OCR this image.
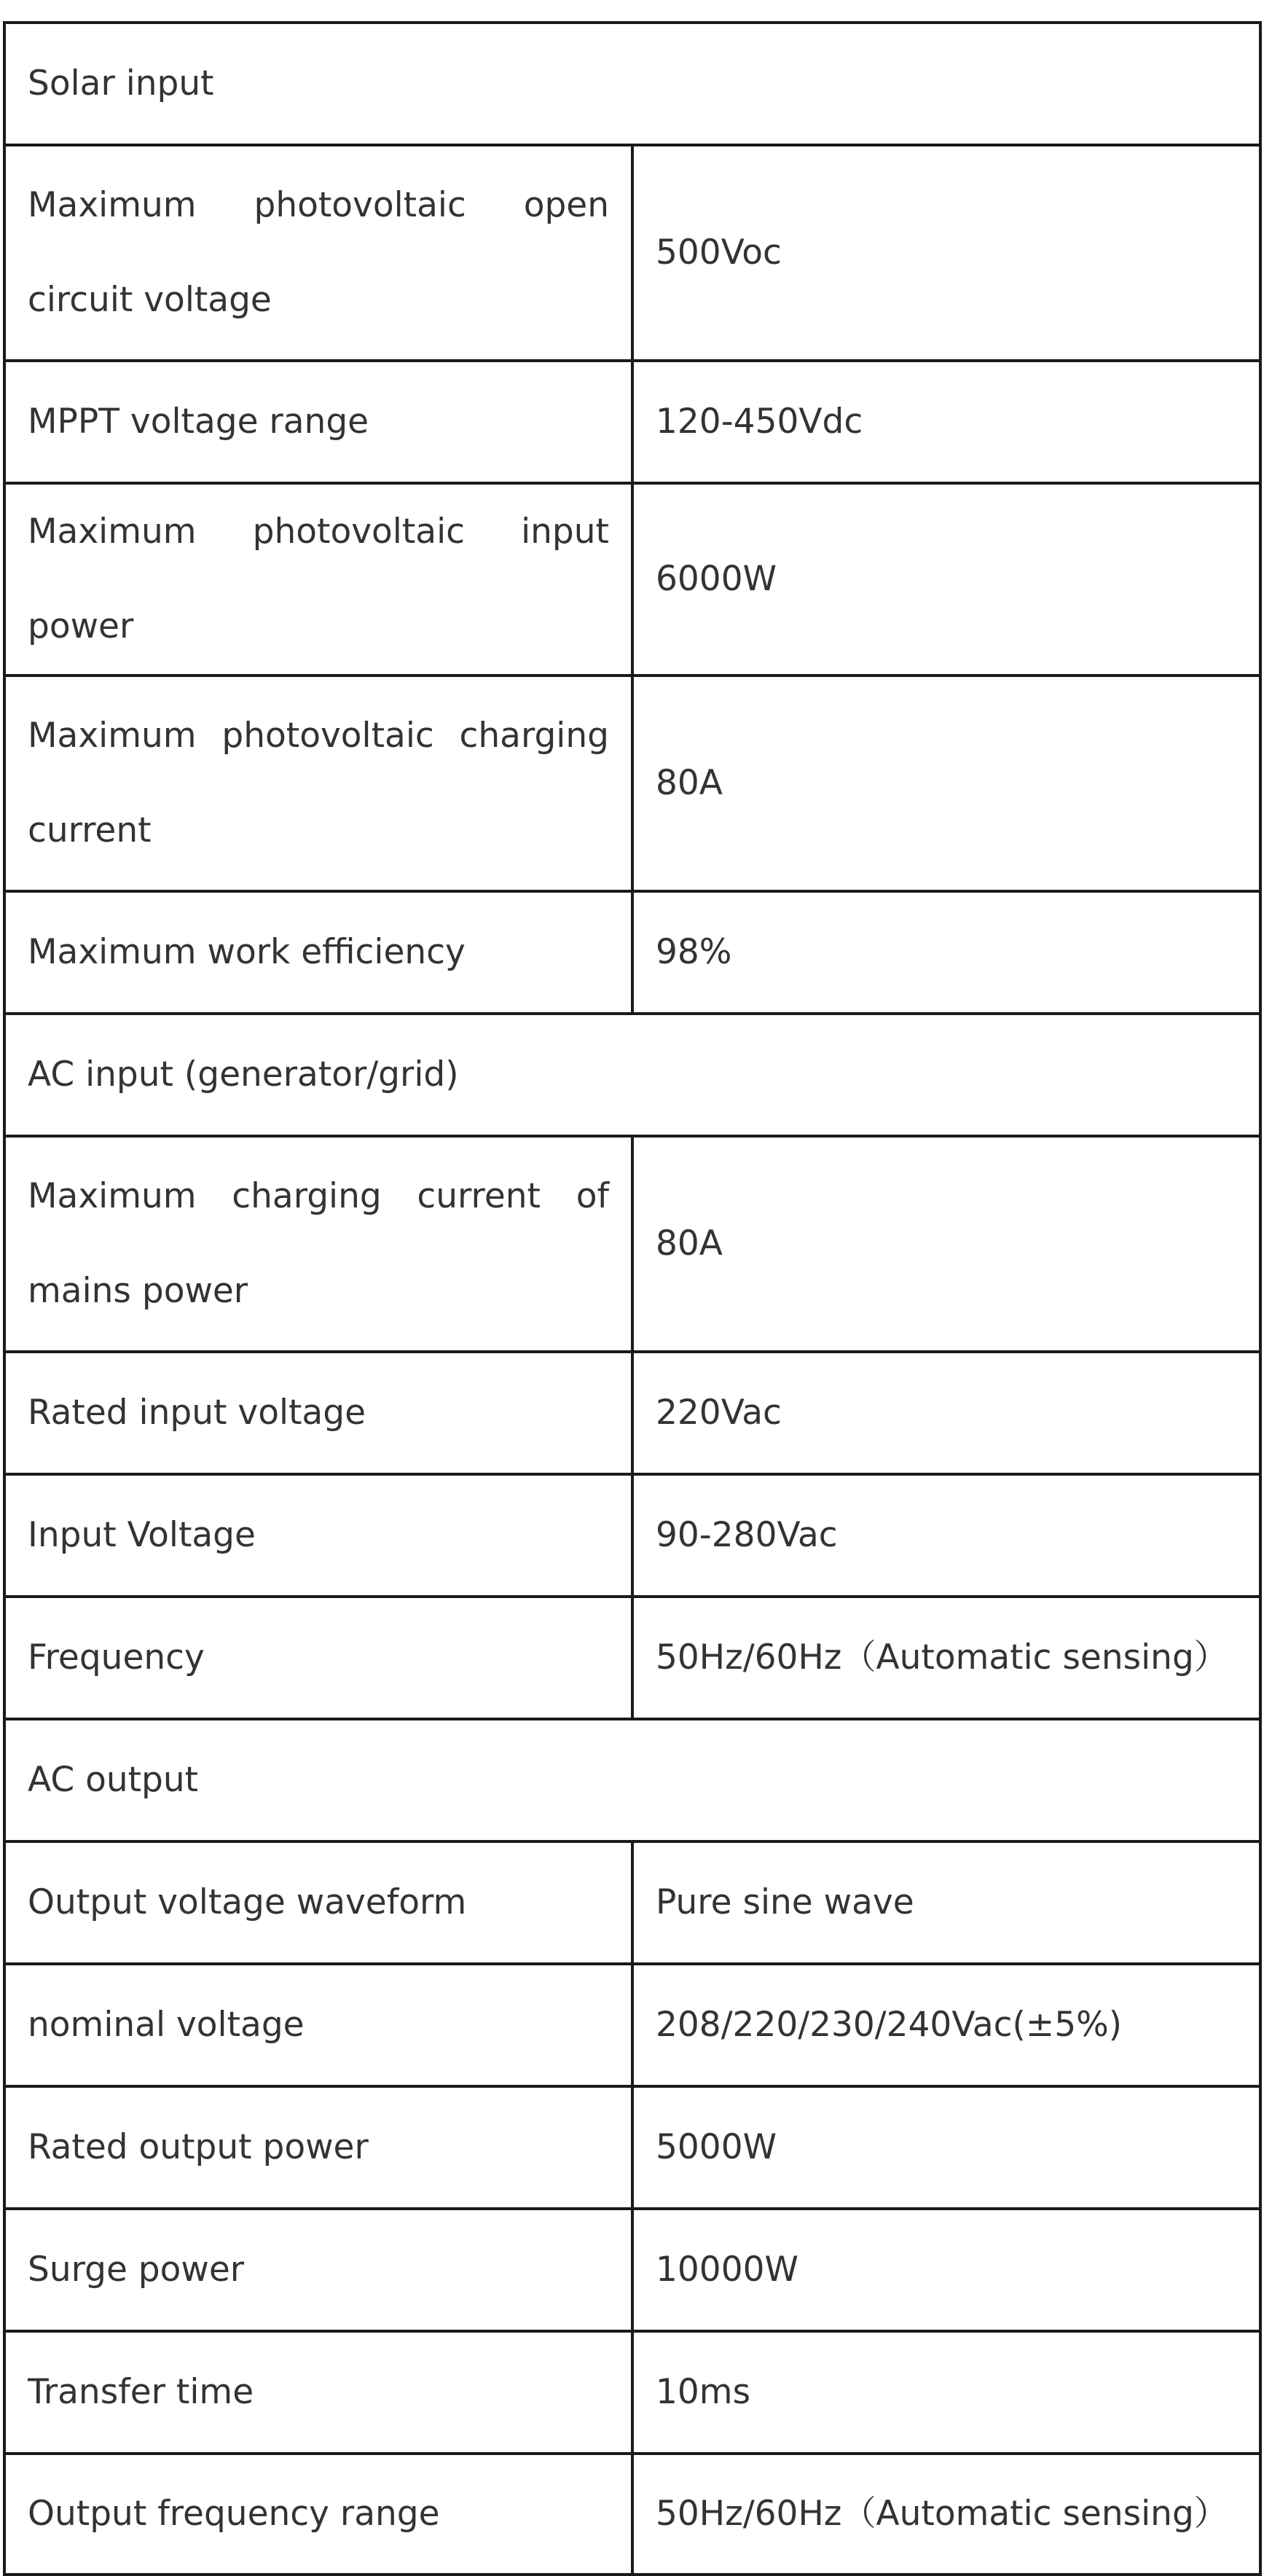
Solar input	
Maximum photovoltaic open circuit voltage	500Voc
MPPT voltage range	120-450Vdc
Maximum photovoltaic input power	6000W
Maximum photovoltaic charging current	80A
Maximum work efficiency	98%
AC input (generator/grid)	
Maximum charging current of mains power	80A
Rated input voltage	220Vac
Input Voltage	90-280Vac
Frequency	50Hz/60Hz（Automatic sensing）
AC output	
Output voltage waveform	Pure sine wave
nominal voltage	208/220/230/240Vac(±5%)
Rated output power	5000W
Surge power	10000W
Transfer time	10ms
Output frequency range	50Hz/60Hz（Automatic sensing）
